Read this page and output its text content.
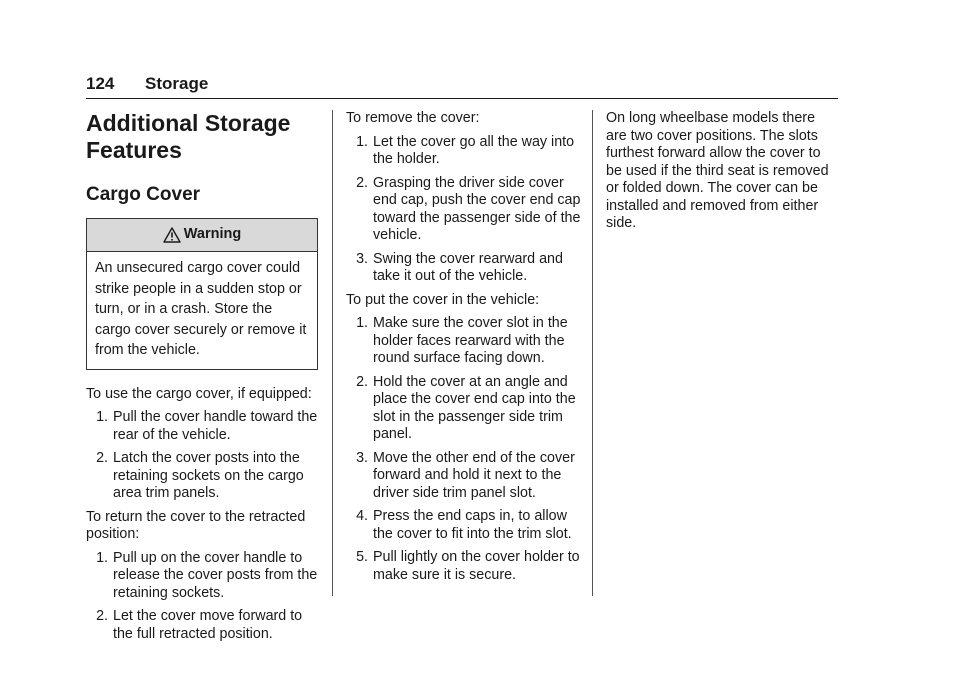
124 Storage
Additional Storage
Features
Cargo Cover
Warning
An unsecured cargo cover could strike people in a sudden stop or turn, or in a crash. Store the cargo cover securely or remove it from the vehicle.

To use the cargo cover, if equipped:

1. Pull the cover handle toward the rear of the vehicle.
2. Latch the cover posts into the retaining sockets on the cargo area trim panels.

To return the cover to the retracted position:

1. Pull up on the cover handle to release the cover posts from the retaining sockets.
2. Let the cover move forward to the full retracted position.

To remove the cover:

1. Let the cover go all the way into the holder.
2. Grasping the driver side cover end cap, push the cover end cap toward the passenger side of the vehicle.
3. Swing the cover rearward and take it out of the vehicle.

To put the cover in the vehicle:

1. Make sure the cover slot in the holder faces rearward with the round surface facing down.
2. Hold the cover at an angle and place the cover end cap into the slot in the passenger side trim panel.
3. Move the other end of the cover forward and hold it next to the driver side trim panel slot.
4. Press the end caps in, to allow the cover to fit into the trim slot.
5. Pull lightly on the cover holder to make sure it is secure.

On long wheelbase models there are two cover positions. The slots furthest forward allow the cover to be used if the third seat is removed or folded down. The cover can be installed and removed from either side.
